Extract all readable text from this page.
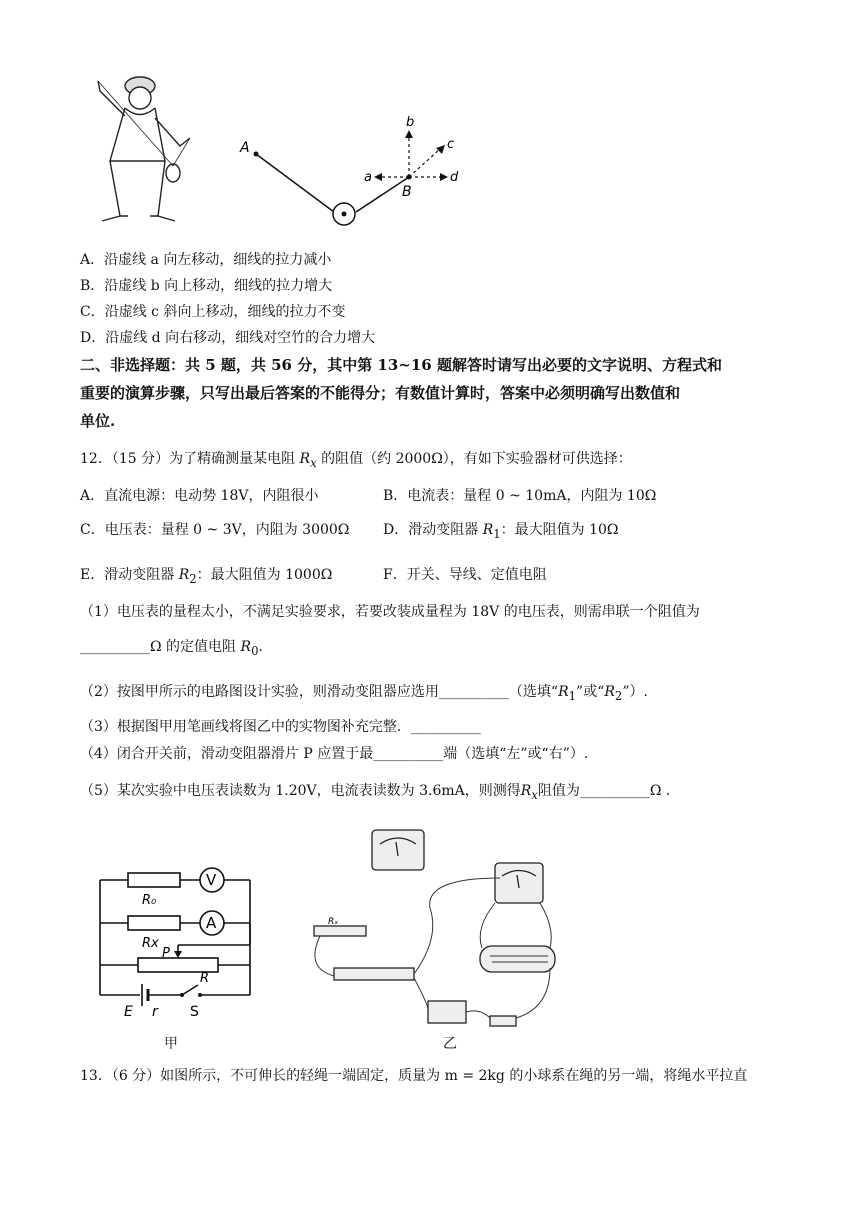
A
B
b
c
a	d
A．沿虚线 a 向左移动，细线的拉力减小
B．沿虚线 b 向上移动，细线的拉力增大
C．沿虚线 c 斜向上移动，细线的拉力不变
D．沿虚线 d 向右移动，细线对空竹的合力增大
二、非选择题：共 5 题，共 56 分，其中第 13~16 题解答时请写出必要的文字说明、方程式和
重要的演算步骤，只写出最后答案的不能得分；有数值计算时，答案中必须明确写出数值和
单位.
12．（15 分）为了精确测量某电阻 $R_x$ 的阻值（约 2000Ω），有如下实验器材可供选择：
A．直流电源：电动势 18V，内阻很小	B．电流表：量程 0 ~ 10mA，内阻为 10Ω
C．电压表：量程 0 ~ 3V，内阻为 3000Ω D．滑动变阻器 $R_1$：最大阻值为 10Ω
E．滑动变阻器 $R_2$：最大阻值为 1000Ω	F．开关、导线、定值电阻
（1）电压表的量程太小，不满足实验要求，若要改装成量程为 18V 的电压表，则需串联一个阻值为
__________Ω 的定值电阻 $R_0$.
（2）按图甲所示的电路图设计实验，则滑动变阻器应选用__________（选填“$R_1$”或“$R_2$”）.
（3）根据图甲用笔画线将图乙中的实物图补充完整．__________
（4）闭合开关前，滑动变阻器滑片 P 应置于最__________端（选填“左”或“右”）.
（5）某次实验中电压表读数为 1.20V，电流表读数为 3.6mA，则测得$R_x$阻值为__________Ω .
V
A
R₀
Rx
P
R
E r S
甲
Rₓ
乙
13．（6 分）如图所示，不可伸长的轻绳一端固定，质量为 m = 2kg 的小球系在绳的另一端，将绳水平拉直
